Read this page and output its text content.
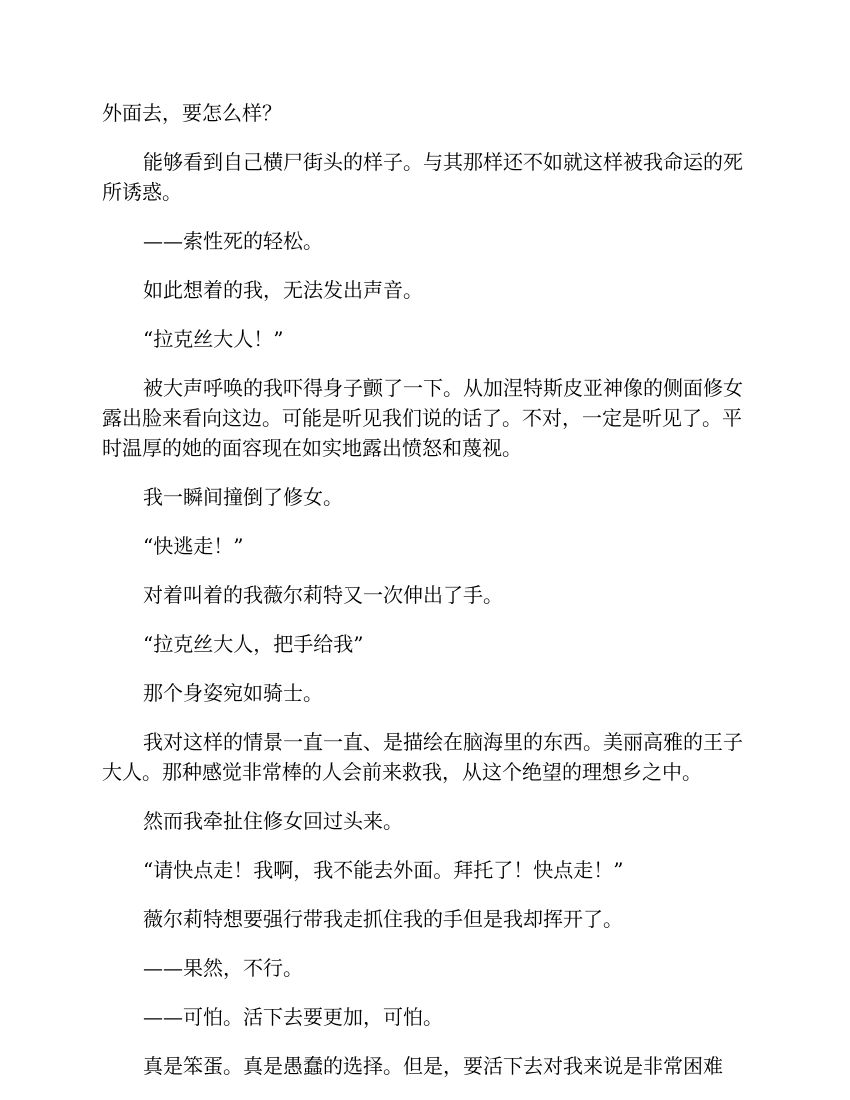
外面去，要怎么样？

能够看到自己横尸街头的样子。与其那样还不如就这样被我命运的死所诱惑。

——索性死的轻松。

如此想着的我，无法发出声音。

“拉克丝大人！”

被大声呼唤的我吓得身子颤了一下。从加涅特斯皮亚神像的侧面修女露出脸来看向这边。可能是听见我们说的话了。不对，一定是听见了。平时温厚的她的面容现在如实地露出愤怒和蔑视。

我一瞬间撞倒了修女。

“快逃走！”

对着叫着的我薇尔莉特又一次伸出了手。

“拉克丝大人，把手给我”

那个身姿宛如骑士。

我对这样的情景一直一直、是描绘在脑海里的东西。美丽高雅的王子大人。那种感觉非常棒的人会前来救我，从这个绝望的理想乡之中。

然而我牵扯住修女回过头来。

“请快点走！我啊，我不能去外面。拜托了！快点走！”

薇尔莉特想要强行带我走抓住我的手但是我却挥开了。

——果然，不行。

——可怕。活下去要更加，可怕。

真是笨蛋。真是愚蠢的选择。但是，要活下去对我来说是非常困难
